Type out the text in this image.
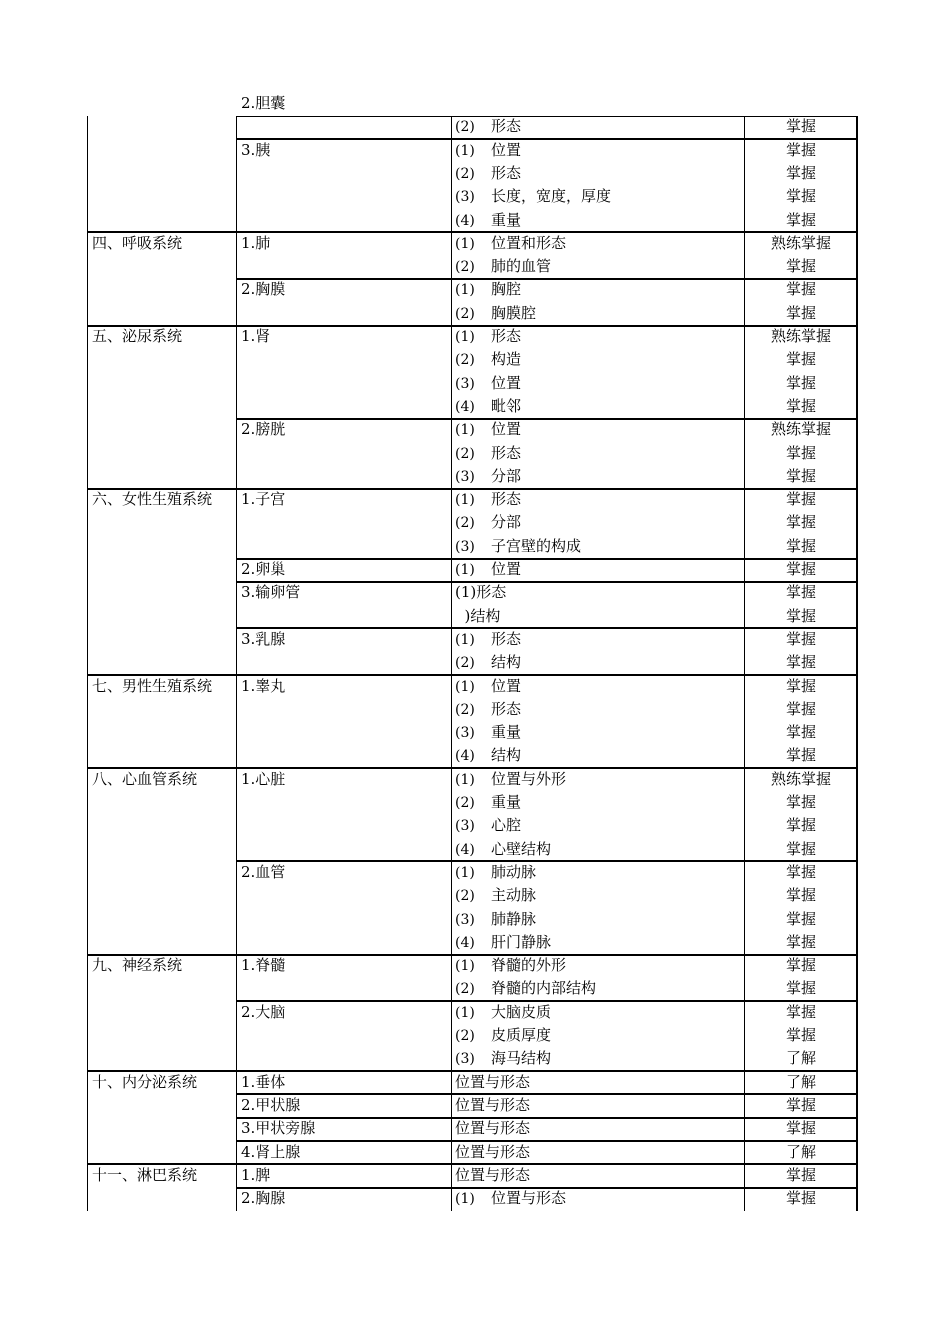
2.胆囊
(2) 形态	掌握
3.胰	(1) 位置	掌握
(2) 形态	掌握
(3) 长度，宽度，厚度	掌握
(4) 重量	掌握
四、呼吸系统	1.肺	(1) 位置和形态	熟练掌握
(2) 肺的血管	掌握
2.胸膜	(1) 胸腔	掌握
(2) 胸膜腔	掌握
五、泌尿系统	1.肾	(1) 形态	熟练掌握
(2) 构造	掌握
(3) 位置	掌握
(4) 毗邻	掌握
2.膀胱	(1) 位置	熟练掌握
(2) 形态	掌握
(3) 分部	掌握
六、女性生殖系统 1.子宫	(1) 形态	掌握
(2) 分部	掌握
(3) 子宫壁的构成	掌握
2.卵巢	(1) 位置	掌握
3.输卵管	(1)形态	掌握
)结构	掌握
3.乳腺	(1) 形态	掌握
(2) 结构	掌握
七、男性生殖系统 1.睾丸	(1) 位置	掌握
(2) 形态	掌握
(3) 重量	掌握
(4) 结构	掌握
八、心血管系统	1.心脏	(1) 位置与外形	熟练掌握
(2) 重量	掌握
(3) 心腔	掌握
(4) 心壁结构	掌握
2.血管	(1) 肺动脉	掌握
(2) 主动脉	掌握
(3) 肺静脉	掌握
(4) 肝门静脉	掌握
九、神经系统	1.脊髓	(1) 脊髓的外形	掌握
(2) 脊髓的内部结构	掌握
2.大脑	(1) 大脑皮质	掌握
(2) 皮质厚度	掌握
(3) 海马结构	了解
十、内分泌系统	1.垂体	位置与形态	了解
2.甲状腺	位置与形态	掌握
3.甲状旁腺	位置与形态	掌握
4.肾上腺	位置与形态	了解
十一、淋巴系统	1.脾	位置与形态	掌握
2.胸腺	(1) 位置与形态	掌握
